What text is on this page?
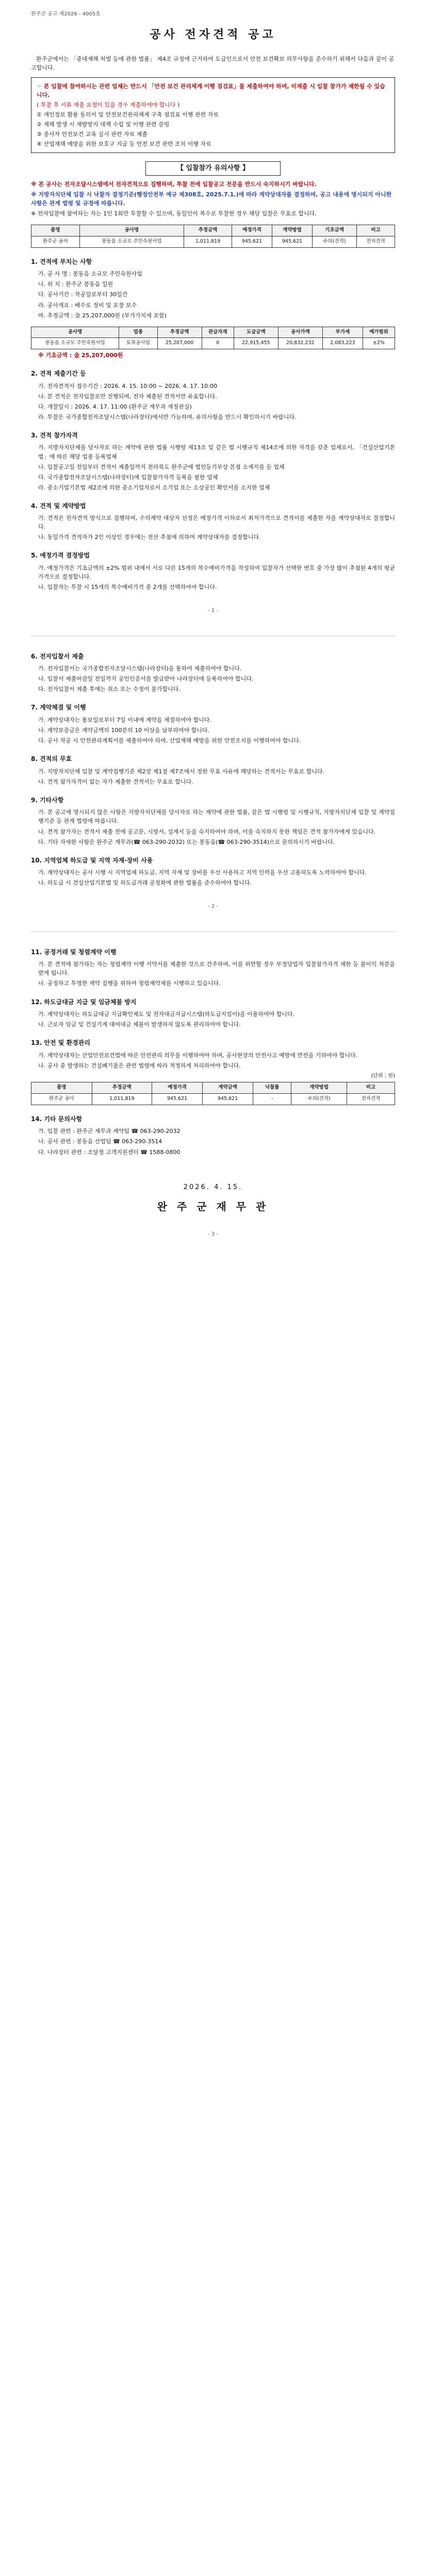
완주군 공고 제2026 - 4005호
공사 전자견적 공고

완주군에서는 「중대재해 처벌 등에 관한 법률」 제4조 규정에 근거하여 도급인으로서 안전 보건확보 의무사항을 준수하기 위해서 다음과 같이 공고합니다.

☞ 본 입찰에 참여하시는 관련 업체는 반드시 「안전 보건 관리체계 이행 점검표」를 제출하여야 하며, 미제출 시 입찰 참가가 제한될 수 있습니다.

( 투찰 후 서류 제출 요청이 있을 경우 제출하여야 합니다 )

① 개인정보 활용 동의서 및 안전보건관리체계 구축 점검표 이행 관련 자료

② 재해 발생 시 재발방지 대책 수립 및 이행 관련 증빙

③ 종사자 안전보건 교육 실시 관련 자료 제출

④ 산업재해 예방을 위한 보호구 지급 등 안전 보건 관련 조치 이행 자료

【 입찰참가 유의사항 】

※ 본 공사는 전자조달시스템에서 전자견적으로 집행하며, 투찰 전에 입찰공고 전문을 반드시 숙지하시기 바랍니다.

※ 지방자치단체 입찰 시 낙찰자 결정기준(행정안전부 예규 제308호, 2025.7.1.)에 따라 계약상대자를 결정하며, 공고 내용에 명시되지 아니한 사항은 관계 법령 및 규정에 따릅니다.

※ 전자입찰에 참여하는 자는 1인 1회만 투찰할 수 있으며, 동일인이 복수로 투찰한 경우 해당 입찰은 무효로 합니다.

품명	공사명	추정금액	예정가격	계약방법	기초금액	비고
완주군 공사	봉동읍 소규모 주민숙원사업	1,011,819	945,621	945,621	수의(견적)	전자견적
1. 견적에 부치는 사항

가. 공 사 명 : 봉동읍 소규모 주민숙원사업

나. 위 치 : 완주군 봉동읍 일원

다. 공사기간 : 착공일로부터 30일간

라. 공사개요 : 배수로 정비 및 포장 보수

마. 추정금액 : 金 25,207,000원 (부가가치세 포함)

공사명	업종	추정금액	관급자재	도급금액	공사가액	부가세	예가범위
봉동읍 소규모 주민숙원사업	토목공사업	25,207,000	0	22,915,455	20,832,232	2,083,223	±2%

※ 기초금액 : 金 25,207,000원

2. 견적 제출기간 등

가. 전자견적서 접수기간 : 2026. 4. 15. 10:00 ~ 2026. 4. 17. 10:00

나. 본 견적은 전자입찰로만 진행되며, 전자 제출된 견적서만 유효합니다.

다. 개찰일시 : 2026. 4. 17. 11:00 (완주군 재무과 재정관실)

라. 투찰은 국가종합전자조달시스템(나라장터)에서만 가능하며, 유의사항을 반드시 확인하시기 바랍니다.

3. 견적 참가자격

가. 지방자치단체를 당사자로 하는 계약에 관한 법률 시행령 제13조 및 같은 법 시행규칙 제14조에 의한 자격을 갖춘 업체로서, 「건설산업기본법」에 따른 해당 업종 등록업체

나. 입찰공고일 전일부터 견적서 제출일까지 전라북도 완주군에 법인등기부상 본점 소재지를 둔 업체

다. 국가종합전자조달시스템(나라장터)에 입찰참가자격 등록을 필한 업체

라. 중소기업기본법 제2조에 의한 중소기업자로서 소기업 또는 소상공인 확인서를 소지한 업체

4. 견적 및 계약방법

가. 견적은 전자견적 방식으로 집행하며, 수의계약 대상자 선정은 예정가격 이하로서 최저가격으로 견적서를 제출한 자를 계약상대자로 결정합니다.

나. 동일가격 견적자가 2인 이상인 경우에는 전산 추첨에 의하여 계약상대자를 결정합니다.

5. 예정가격 결정방법

가. 예정가격은 기초금액의 ±2% 범위 내에서 서로 다른 15개의 복수예비가격을 작성하여 입찰자가 선택한 번호 중 가장 많이 추첨된 4개의 평균가격으로 결정합니다.

나. 입찰자는 투찰 시 15개의 복수예비가격 중 2개를 선택하여야 합니다.

- 1 -
6. 전자입찰서 제출

가. 전자입찰서는 국가종합전자조달시스템(나라장터)을 통하여 제출하여야 합니다.

나. 입찰서 제출마감일 전일까지 공인인증서를 발급받아 나라장터에 등록하여야 합니다.

다. 전자입찰서 제출 후에는 취소 또는 수정이 불가합니다.

7. 계약체결 및 이행

가. 계약상대자는 통보일로부터 7일 이내에 계약을 체결하여야 합니다.

나. 계약보증금은 계약금액의 100분의 10 이상을 납부하여야 합니다.

다. 공사 착공 시 안전관리계획서를 제출하여야 하며, 산업재해 예방을 위한 안전조치를 이행하여야 합니다.

8. 견적의 무효

가. 지방자치단체 입찰 및 계약집행기준 제2장 제1절 제7조에서 정한 무효 사유에 해당하는 견적서는 무효로 합니다.

나. 견적 참가자격이 없는 자가 제출한 견적서는 무효로 합니다.

9. 기타사항

가. 본 공고에 명시되지 않은 사항은 지방자치단체를 당사자로 하는 계약에 관한 법률, 같은 법 시행령 및 시행규칙, 지방자치단체 입찰 및 계약집행기준 등 관계 법령에 따릅니다.

나. 견적 참가자는 견적서 제출 전에 공고문, 시방서, 설계서 등을 숙지하여야 하며, 이를 숙지하지 못한 책임은 견적 참가자에게 있습니다.

다. 기타 자세한 사항은 완주군 재무과(☎ 063-290-2032) 또는 봉동읍(☎ 063-290-3514)으로 문의하시기 바랍니다.

10. 지역업체 하도급 및 지역 자재·장비 사용

가. 계약상대자는 공사 시행 시 지역업체 하도급, 지역 자재 및 장비를 우선 사용하고 지역 인력을 우선 고용하도록 노력하여야 합니다.

나. 하도급 시 건설산업기본법 및 하도급거래 공정화에 관한 법률을 준수하여야 합니다.

- 2 -
11. 공정거래 및 청렴계약 이행

가. 본 견적에 참가하는 자는 청렴계약 이행 서약서를 제출한 것으로 간주하며, 이를 위반할 경우 부정당업자 입찰참가자격 제한 등 불이익 처분을 받게 됩니다.

나. 공정하고 투명한 계약 집행을 위하여 청렴계약제를 시행하고 있습니다.

12. 하도급대금 지급 및 임금체불 방지

가. 계약상대자는 하도급대금 지급확인제도 및 전자대금지급시스템(하도급지킴이)을 이용하여야 합니다.

나. 근로자 임금 및 건설기계 대여대금 체불이 발생하지 않도록 관리하여야 합니다.

13. 안전 및 환경관리

가. 계약상대자는 산업안전보건법에 따른 안전관리 의무를 이행하여야 하며, 공사현장의 안전사고 예방에 만전을 기하여야 합니다.

나. 공사 중 발생하는 건설폐기물은 관련 법령에 따라 적정하게 처리하여야 합니다.

(단위 : 원)
품명	추정금액	예정가격	계약금액	낙찰률	계약방법	비고
완주군 공사	1,011,819	945,621	945,621	-	수의(견적)	전자견적
14. 기타 문의사항

가. 입찰 관련 : 완주군 재무과 계약팀 ☎ 063-290-2032

나. 공사 관련 : 봉동읍 산업팀 ☎ 063-290-3514

다. 나라장터 관련 : 조달청 고객지원센터 ☎ 1588-0800

2026. 4. 15.
완 주 군 재 무 관
- 3 -
